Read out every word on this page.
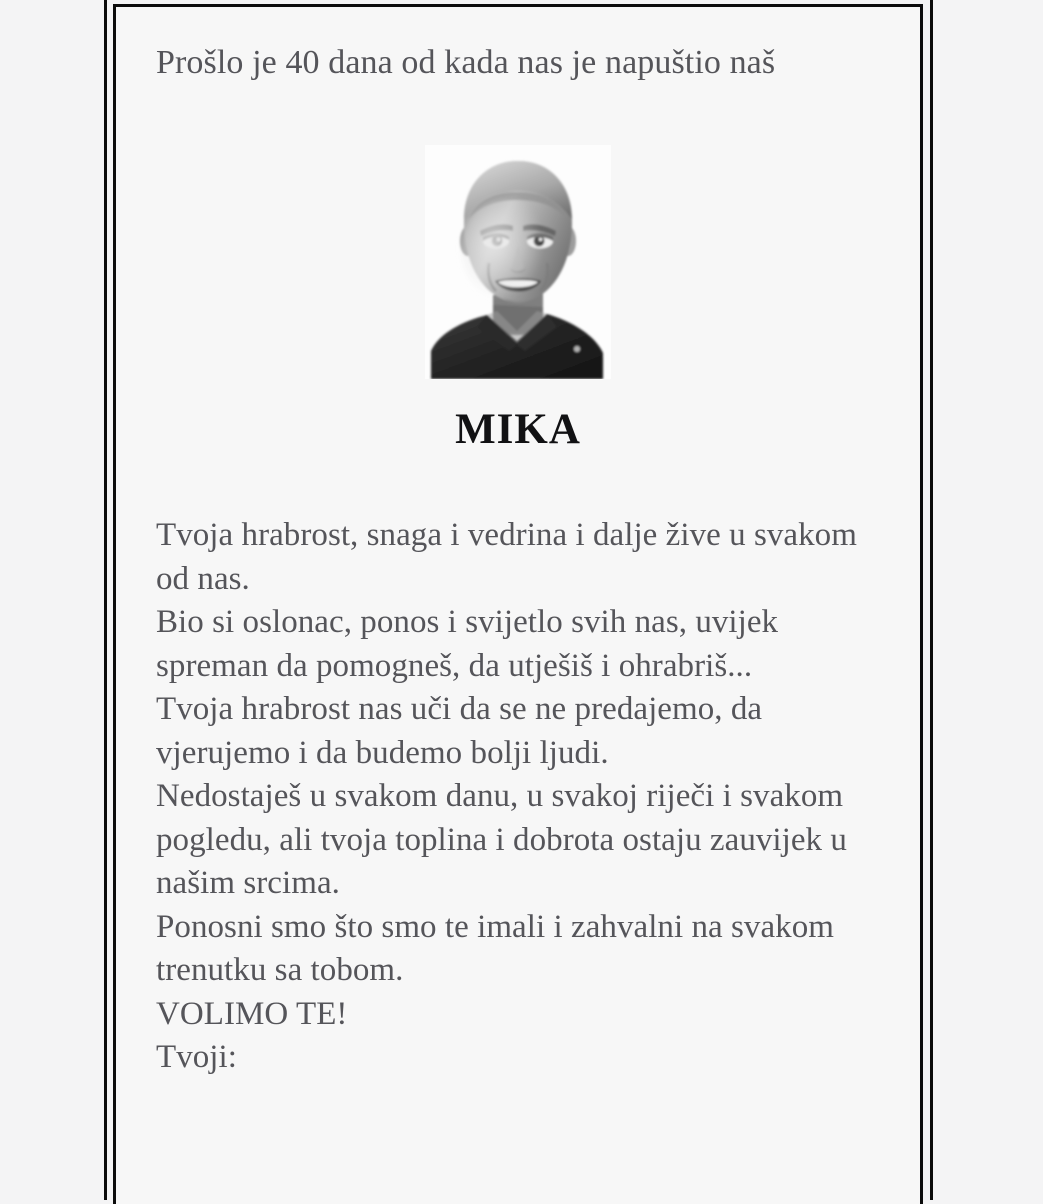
Prošlo je 40 dana od kada nas je napuštio naš
MIKA

Tvoja hrabrost, snaga i vedrina i dalje žive u svakom od nas.

Bio si oslonac, ponos i svijetlo svih nas, uvijek spreman da pomogneš, da utješiš i ohrabriš...

Tvoja hrabrost nas uči da se ne predajemo, da vjerujemo i da budemo bolji ljudi.

Nedostaješ u svakom danu, u svakoj riječi i svakom pogledu, ali tvoja toplina i dobrota ostaju zauvijek u našim srcima.

Ponosni smo što smo te imali i zahvalni na svakom trenutku sa tobom.

VOLIMO TE!

Tvoji:
